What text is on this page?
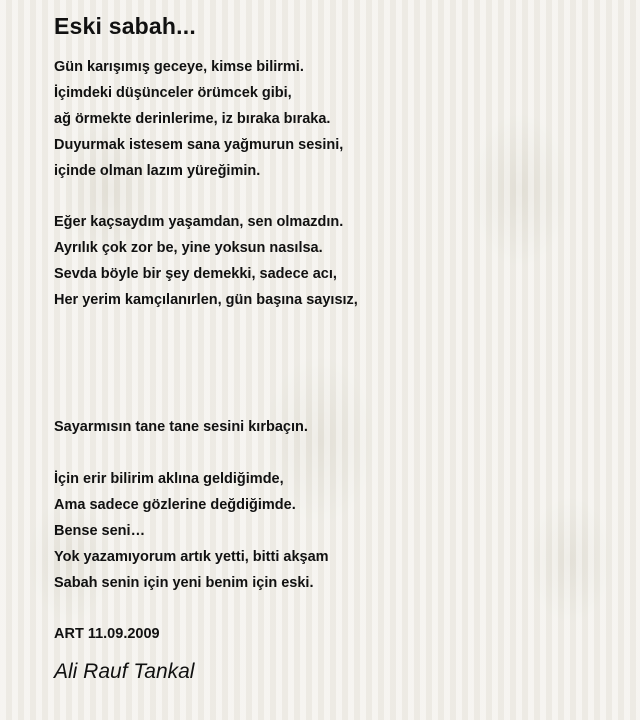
Eski sabah...
Gün karışımış geceye, kimse bilirmi.
İçimdeki düşünceler örümcek gibi,
ağ örmekte derinlerime, iz bıraka bıraka.
Duyurmak istesem sana yağmurun sesini,
içinde olman lazım yüreğimin.
Eğer kaçsaydım yaşamdan, sen olmazdın.
Ayrılık çok zor be, yine yoksun nasılsa.
Sevda böyle bir şey demekki, sadece acı,
Her yerim kamçılanırlen, gün başına sayısız,
Sayarmısın tane tane sesini kırbaçın.
İçin erir bilirim aklına geldiğimde,
Ama sadece gözlerine değdiğimde.
Bense seni…
Yok yazamıyorum artık yetti, bitti akşam
Sabah senin için yeni benim için eski.
ART 11.09.2009
Ali Rauf Tankal
